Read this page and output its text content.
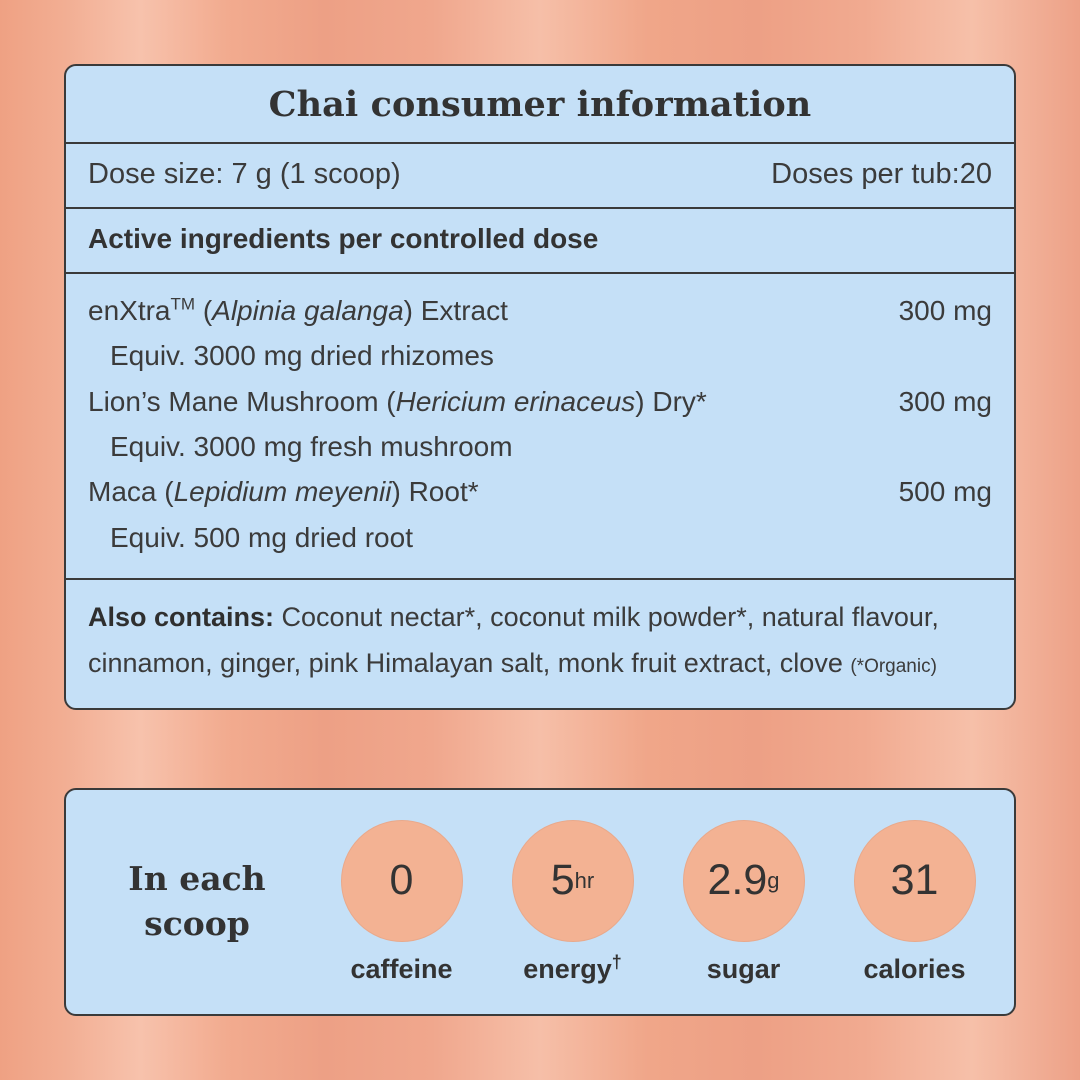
Chai consumer information
Dose size: 7 g (1 scoop)	Doses per tub:20
Active ingredients per controlled dose
enXtra™ (Alpinia galanga) Extract	300 mg
Equiv. 3000 mg dried rhizomes
Lion’s Mane Mushroom (Hericium erinaceus) Dry*	300 mg
Equiv. 3000 mg fresh mushroom
Maca (Lepidium meyenii) Root*	500 mg
Equiv. 500 mg dried root
Also contains: Coconut nectar*, coconut milk powder*, natural flavour, cinnamon, ginger, pink Himalayan salt, monk fruit extract, clove (*Organic)
In each
scoop
0
caffeine
5 hr
energy†
2.9 g
sugar
31
calories
